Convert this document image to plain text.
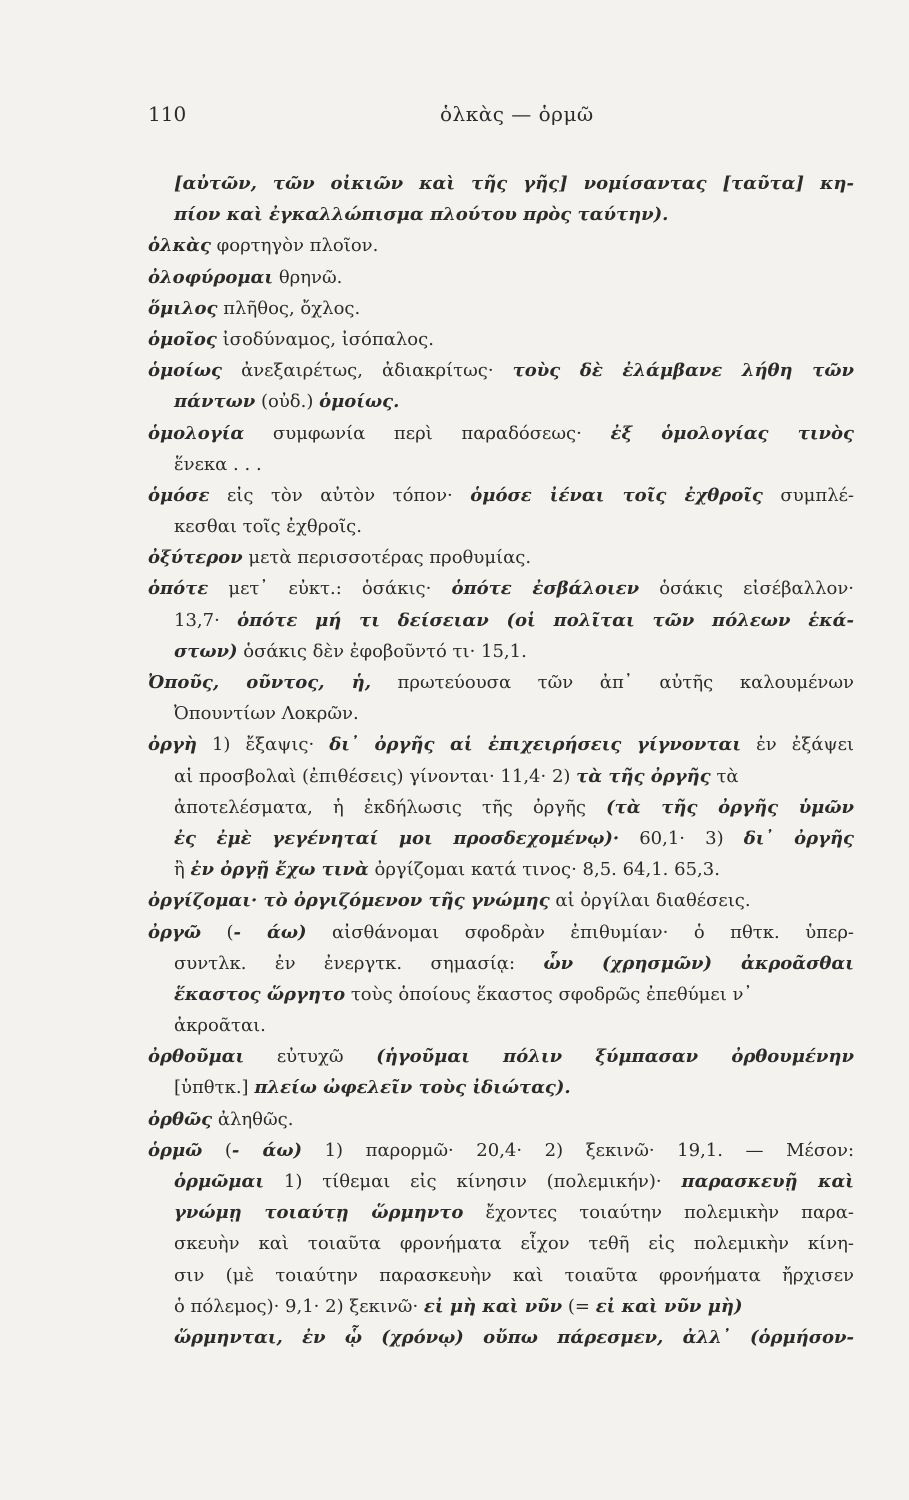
110	ὁλκὰς — ὁρμῶ
[αὐτῶν, τῶν οἰκιῶν καὶ τῆς γῆς] νομίσαντας [ταῦτα] κη-
πίον καὶ ἐγκαλλώπισμα πλούτου πρὸς ταύτην).
ὁλκὰς φορτηγὸν πλοῖον.
ὀλοφύρομαι θρηνῶ.
ὅμιλος πλῆθος, ὄχλος.
ὁμοῖος ἰσοδύναμος, ἰσόπαλος.
ὁμοίως ἀνεξαιρέτως, ἀδιακρίτως· τοὺς δὲ ἐλάμβανε λήθη τῶν
πάντων (οὐδ.) ὁμοίως.
ὁμολογία συμφωνία περὶ παραδόσεως· ἐξ ὁμολογίας τινὸς
ἕνεκα . . .
ὁμόσε εἰς τὸν αὐτὸν τόπον· ὁμόσε ἰέναι τοῖς ἐχθροῖς συμπλέ-
κεσθαι τοῖς ἐχθροῖς.
ὀξύτερον μετὰ περισσοτέρας προθυμίας.
ὁπότε μετ᾽ εὐκτ.: ὁσάκις· ὁπότε ἐσβάλοιεν ὁσάκις εἰσέβαλλον·
13,7· ὁπότε μή τι δείσειαν (οἱ πολῖται τῶν πόλεων ἑκά-
στων) ὁσάκις δὲν ἐφοβοῦντό τι· 15,1.
Ὀποῦς, οῦντος, ἡ, πρωτεύουσα τῶν ἀπ᾽ αὐτῆς καλουμένων
Ὀπουντίων Λοκρῶν.
ὀργὴ 1) ἔξαψις· δι᾽ ὀργῆς αἱ ἐπιχειρήσεις γίγνονται ἐν ἐξάψει
αἱ προσβολαὶ (ἐπιθέσεις) γίνονται· 11,4· 2) τὰ τῆς ὀργῆς τὰ
ἀποτελέσματα, ἡ ἐκδήλωσις τῆς ὀργῆς (τὰ τῆς ὀργῆς ὑμῶν
ἐς ἐμὲ γεγένηταί μοι προσδεχομένῳ)· 60,1· 3) δι᾽ ὀργῆς
ἢ ἐν ὀργῇ ἔχω τινὰ ὀργίζομαι κατά τινος· 8,5. 64,1. 65,3.
ὀργίζομαι· τὸ ὀργιζόμενον τῆς γνώμης αἱ ὀργίλαι διαθέσεις.
ὀργῶ (- άω) αἰσθάνομαι σφοδρὰν ἐπιθυμίαν· ὁ πθτκ. ὑπερ-
συντλκ. ἐν ἐνεργτκ. σημασίᾳ: ὧν (χρησμῶν) ἀκροᾶσθαι
ἕκαστος ὥργητο τοὺς ὁποίους ἕκαστος σφοδρῶς ἐπεθύμει ν᾽
ἀκροᾶται.
ὀρθοῦμαι εὐτυχῶ (ἡγοῦμαι πόλιν ξύμπασαν ὀρθουμένην
[ὑπθτκ.] πλείω ὠφελεῖν τοὺς ἰδιώτας).
ὀρθῶς ἀληθῶς.
ὁρμῶ (- άω) 1) παρορμῶ· 20,4· 2) ξεκινῶ· 19,1. — Μέσον:
ὁρμῶμαι 1) τίθεμαι εἰς κίνησιν (πολεμικήν)· παρασκευῇ καὶ
γνώμῃ τοιαύτῃ ὥρμηντο ἔχοντες τοιαύτην πολεμικὴν παρα-
σκευὴν καὶ τοιαῦτα φρονήματα εἶχον τεθῆ εἰς πολεμικὴν κίνη-
σιν (μὲ τοιαύτην παρασκευὴν καὶ τοιαῦτα φρονήματα ἤρχισεν
ὁ πόλεμος)· 9,1· 2) ξεκινῶ· εἰ μὴ καὶ νῦν (= εἰ καὶ νῦν μὴ)
ὥρμηνται, ἐν ᾧ (χρόνῳ) οὔπω πάρεσμεν, ἀλλ᾽ (ὁρμήσον-
